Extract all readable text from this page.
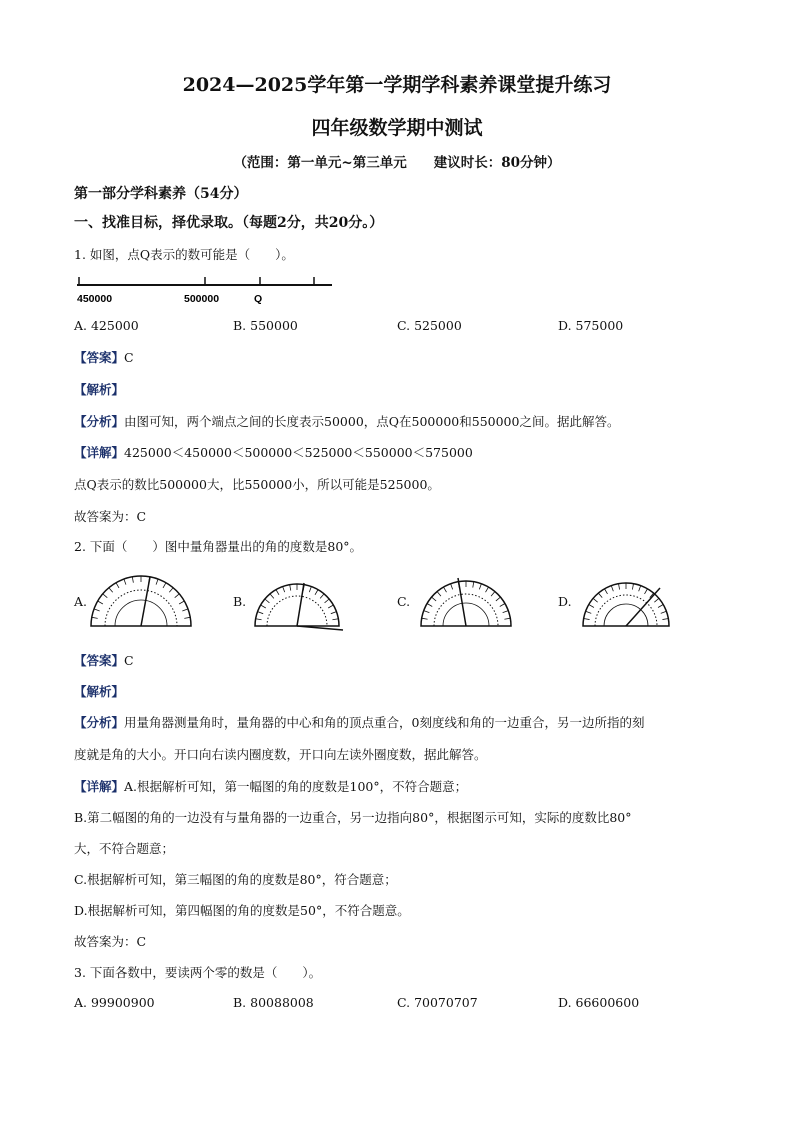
2024—2025学年第一学期学科素养课堂提升练习
四年级数学期中测试
（范围：第一单元~第三单元　　建议时长：80分钟）
第一部分学科素养（54分）
一、找准目标，择优录取。（每题2分，共20分。）
1. 如图，点Q表示的数可能是（　　）。
450000	500000	Q
A. 425000	B. 550000	C. 525000	D. 575000
【答案】C
【解析】
【分析】由图可知，两个端点之间的长度表示50000，点Q在500000和550000之间。据此解答。
【详解】425000＜450000＜500000＜525000＜550000＜575000
点Q表示的数比500000大，比550000小，所以可能是525000。
故答案为：C
2. 下面（　　）图中量角器量出的角的度数是80°。
A.	B.	C.	D.
【答案】C
【解析】
【分析】用量角器测量角时，量角器的中心和角的顶点重合，0刻度线和角的一边重合，另一边所指的刻
度就是角的大小。开口向右读内圈度数，开口向左读外圈度数，据此解答。
【详解】A.根据解析可知，第一幅图的角的度数是100°，不符合题意；
B.第二幅图的角的一边没有与量角器的一边重合，另一边指向80°，根据图示可知，实际的度数比80°
大，不符合题意；
C.根据解析可知，第三幅图的角的度数是80°，符合题意；
D.根据解析可知，第四幅图的角的度数是50°，不符合题意。
故答案为：C
3. 下面各数中，要读两个零的数是（　　）。
A. 99900900	B. 80088008	C. 70070707	D. 66600600
